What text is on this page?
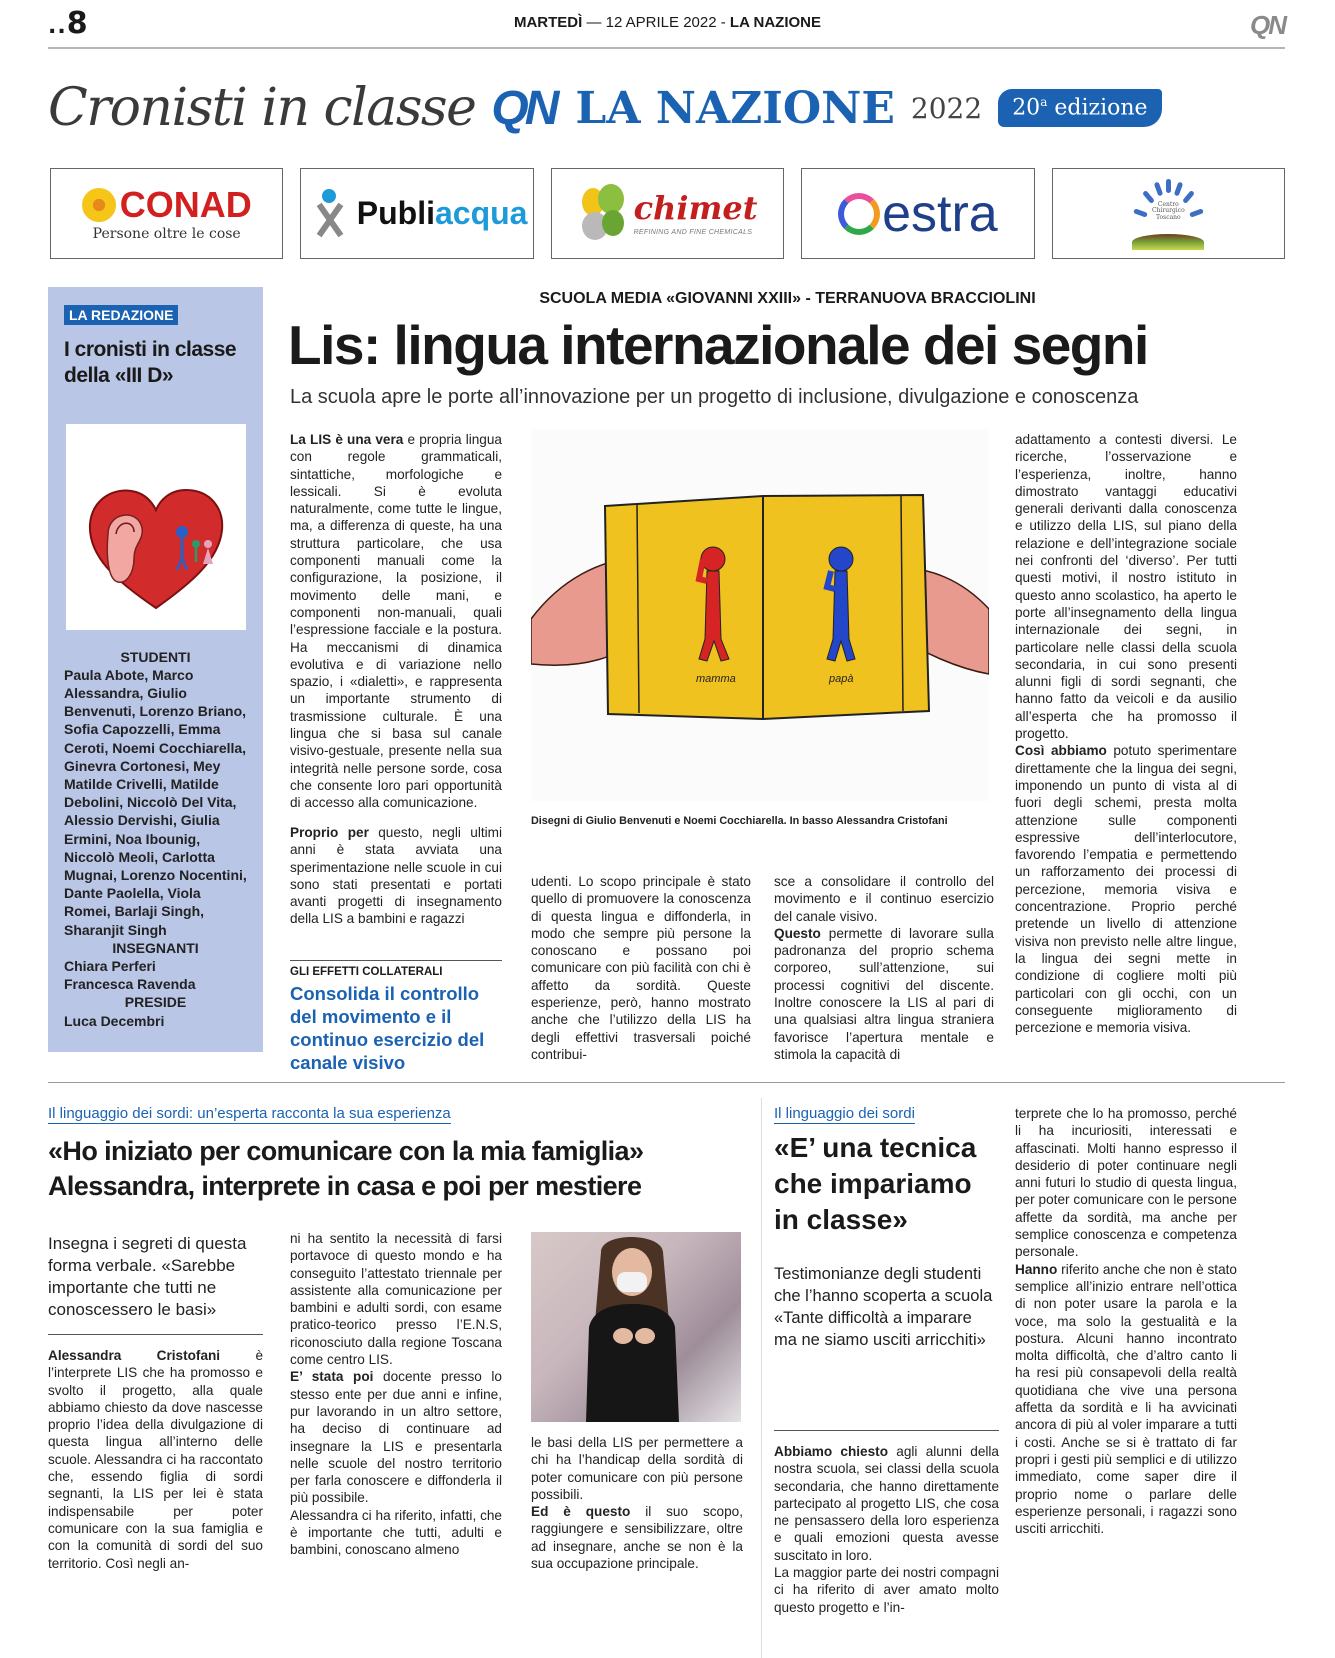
..8	MARTEDÌ — 12 APRILE 2022 - LA NAZIONE	QN
Cronisti in classe QN LA NAZIONE 2022	20$^a$ edizione
CONAD
Persone oltre le cose
Publiacqua	chimet
REFINING AND FINE CHEMICALS estra	Centro Chirurgico Toscano
LA REDAZIONE
I cronisti in classe della «III D»
STUDENTI
Paula Abote, Marco Alessandra, Giulio Benvenuti, Lorenzo Briano, Sofia Capozzelli, Emma Ceroti, Noemi Cocchiarella, Ginevra Cortonesi, Mey Matilde Crivelli, Matilde Debolini, Niccolò Del Vita, Alessio Dervishi, Giulia Ermini, Noa Ibounig, Niccolò Meoli, Carlotta Mugnai, Lorenzo Nocentini, Dante Paolella, Viola Romei, Barlaji Singh, Sharanjit Singh
INSEGNANTI
Chiara Perferi
Francesca Ravenda
PRESIDE
Luca Decembri
SCUOLA MEDIA «GIOVANNI XXIII» - TERRANUOVA BRACCIOLINI
Lis: lingua internazionale dei segni
La scuola apre le porte all’innovazione per un progetto di inclusione, divulgazione e conoscenza
La LIS è una vera e propria lingua con regole grammaticali, sintattiche, morfologiche e lessicali. Si è evoluta naturalmente, come tutte le lingue, ma, a differenza di queste, ha una struttura particolare, che usa componenti manuali come la configurazione, la posizione, il movimento delle mani, e componenti non-manuali, quali l’espressione facciale e la postura. Ha meccanismi di dinamica evolutiva e di variazione nello spazio, i «dialetti», e rappresenta un importante strumento di trasmissione culturale. È una lingua che si basa sul canale visivo-gestuale, presente nella sua integrità nelle persone sorde, cosa che consente loro pari opportunità di accesso alla comunicazione.
Proprio per questo, negli ultimi anni è stata avviata una sperimentazione nelle scuole in cui sono stati presentati e portati avanti progetti di insegnamento della LIS a bambini e ragazzi
GLI EFFETTI COLLATERALI
Consolida il controllo del movimento e il continuo esercizio del canale visivo
mamma	papà
Disegni di Giulio Benvenuti e Noemi Cocchiarella. In basso Alessandra Cristofani
udenti. Lo scopo principale è stato quello di promuovere la conoscenza di questa lingua e diffonderla, in modo che sempre più persone la conoscano e possano poi comunicare con più facilità con chi è affetto da sordità. Queste esperienze, però, hanno mostrato anche che l’utilizzo della LIS ha degli effettivi trasversali poiché contribui-
sce a consolidare il controllo del movimento e il continuo esercizio del canale visivo.
Questo permette di lavorare sulla padronanza del proprio schema corporeo, sull’attenzione, sui processi cognitivi del discente. Inoltre conoscere la LIS al pari di una qualsiasi altra lingua straniera favorisce l’apertura mentale e stimola la capacità di
adattamento a contesti diversi. Le ricerche, l’osservazione e l’esperienza, inoltre, hanno dimostrato vantaggi educativi generali derivanti dalla conoscenza e utilizzo della LIS, sul piano della relazione e dell’integrazione sociale nei confronti del ‘diverso’. Per tutti questi motivi, il nostro istituto in questo anno scolastico, ha aperto le porte all’insegnamento della lingua internazionale dei segni, in particolare nelle classi della scuola secondaria, in cui sono presenti alunni figli di sordi segnanti, che hanno fatto da veicoli e da ausilio all’esperta che ha promosso il progetto.
Così abbiamo potuto sperimentare direttamente che la lingua dei segni, imponendo un punto di vista al di fuori degli schemi, presta molta attenzione sulle componenti espressive dell’interlocutore, favorendo l’empatia e permettendo un rafforzamento dei processi di percezione, memoria visiva e concentrazione. Proprio perché pretende un livello di attenzione visiva non previsto nelle altre lingue, la lingua dei segni mette in condizione di cogliere molti più particolari con gli occhi, con un conseguente miglioramento di percezione e memoria visiva.
Il linguaggio dei sordi: un’esperta racconta la sua esperienza
«Ho iniziato per comunicare con la mia famiglia»
Alessandra, interprete in casa e poi per mestiere
Insegna i segreti di questa forma verbale. «Sarebbe importante che tutti ne conoscessero le basi»
Alessandra Cristofani è l’interprete LIS che ha promosso e svolto il progetto, alla quale abbiamo chiesto da dove nascesse proprio l’idea della divulgazione di questa lingua all’interno delle scuole. Alessandra ci ha raccontato che, essendo figlia di sordi segnanti, la LIS per lei è stata indispensabile per poter comunicare con la sua famiglia e con la comunità di sordi del suo territorio. Così negli an-
ni ha sentito la necessità di farsi portavoce di questo mondo e ha conseguito l’attestato triennale per assistente alla comunicazione per bambini e adulti sordi, con esame pratico-teorico presso l’E.N.S, riconosciuto dalla regione Toscana come centro LIS.
E’ stata poi docente presso lo stesso ente per due anni e infine, pur lavorando in un altro settore, ha deciso di continuare ad insegnare la LIS e presentarla nelle scuole del nostro territorio per farla conoscere e diffonderla il più possibile.
Alessandra ci ha riferito, infatti, che è importante che tutti, adulti e bambini, conoscano almeno
le basi della LIS per permettere a chi ha l’handicap della sordità di poter comunicare con più persone possibili.
Ed è questo il suo scopo, raggiungere e sensibilizzare, oltre ad insegnare, anche se non è la sua occupazione principale.
Il linguaggio dei sordi
«E’ una tecnica che impariamo in classe»
Testimonianze degli studenti che l’hanno scoperta a scuola «Tante difficoltà a imparare ma ne siamo usciti arricchiti»
Abbiamo chiesto agli alunni della nostra scuola, sei classi della scuola secondaria, che hanno direttamente partecipato al progetto LIS, che cosa ne pensassero della loro esperienza e quali emozioni questa avesse suscitato in loro.
La maggior parte dei nostri compagni ci ha riferito di aver amato molto questo progetto e l’in-
terprete che lo ha promosso, perché li ha incuriositi, interessati e affascinati. Molti hanno espresso il desiderio di poter continuare negli anni futuri lo studio di questa lingua, per poter comunicare con le persone affette da sordità, ma anche per semplice conoscenza e competenza personale.
Hanno riferito anche che non è stato semplice all’inizio entrare nell’ottica di non poter usare la parola e la voce, ma solo la gestualità e la postura. Alcuni hanno incontrato molta difficoltà, che d’altro canto li ha resi più consapevoli della realtà quotidiana che vive una persona affetta da sordità e li ha avvicinati ancora di più al voler imparare a tutti i costi. Anche se si è trattato di far propri i gesti più semplici e di utilizzo immediato, come saper dire il proprio nome o parlare delle esperienze personali, i ragazzi sono usciti arricchiti.
